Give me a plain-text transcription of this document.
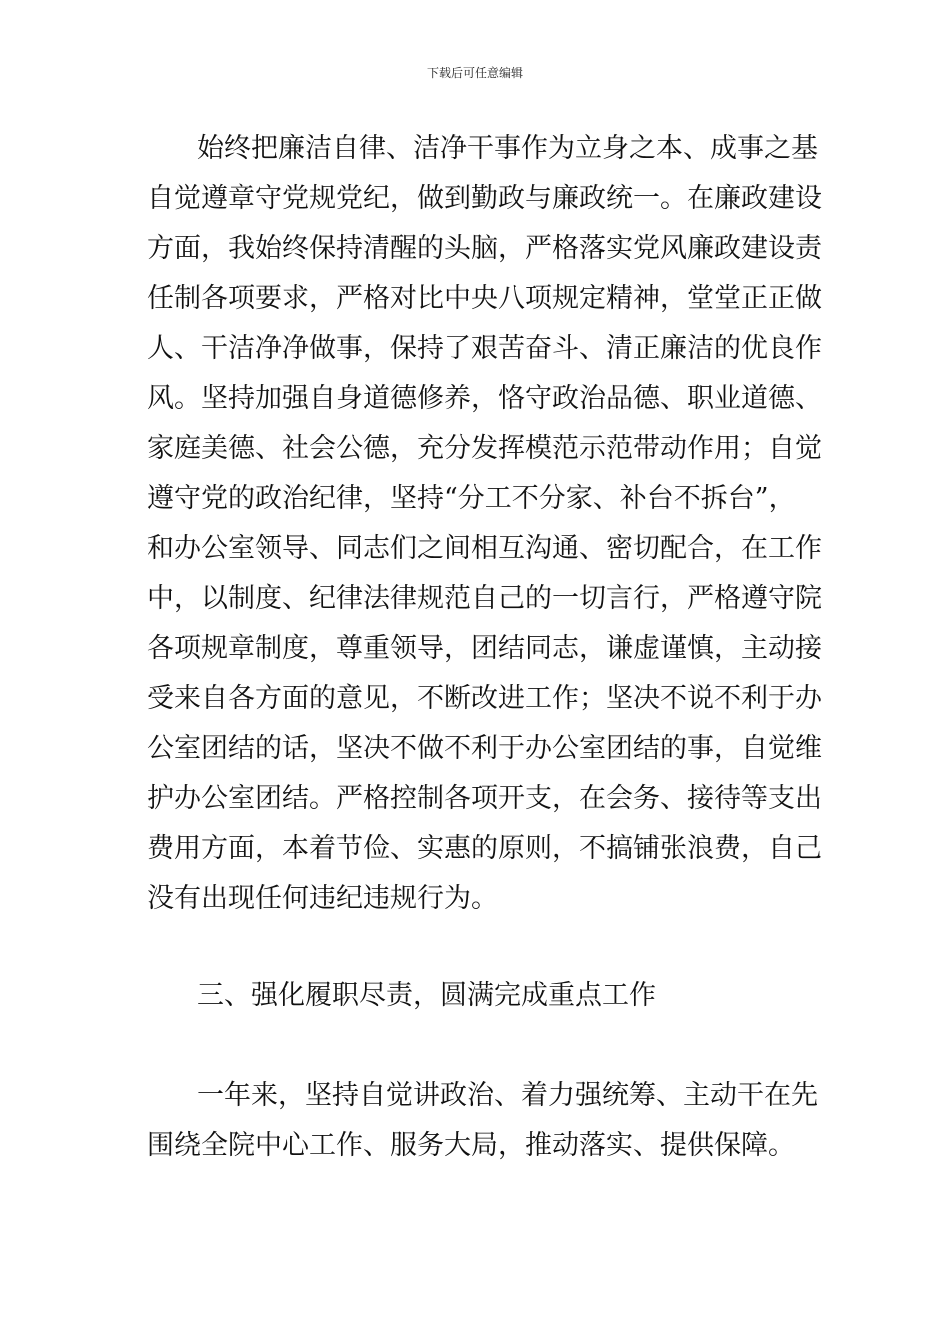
下载后可任意编辑
始终把廉洁自律、洁净干事作为立身之本、成事之基
自觉遵章守党规党纪，做到勤政与廉政统一。在廉政建设
方面，我始终保持清醒的头脑，严格落实党风廉政建设责
任制各项要求，严格对比中央八项规定精神，堂堂正正做
人、干洁净净做事，保持了艰苦奋斗、清正廉洁的优良作
风。坚持加强自身道德修养，恪守政治品德、职业道德、
家庭美德、社会公德，充分发挥模范示范带动作用；自觉
遵守党的政治纪律，坚持“分工不分家、补台不拆台”，
和办公室领导、同志们之间相互沟通、密切配合，在工作
中，以制度、纪律法律规范自己的一切言行，严格遵守院
各项规章制度，尊重领导，团结同志，谦虚谨慎，主动接
受来自各方面的意见，不断改进工作；坚决不说不利于办
公室团结的话，坚决不做不利于办公室团结的事，自觉维
护办公室团结。严格控制各项开支，在会务、接待等支出
费用方面，本着节俭、实惠的原则，不搞铺张浪费，自己
没有出现任何违纪违规行为。
三、强化履职尽责，圆满完成重点工作
一年来，坚持自觉讲政治、着力强统筹、主动干在先
围绕全院中心工作、服务大局，推动落实、提供保障。
